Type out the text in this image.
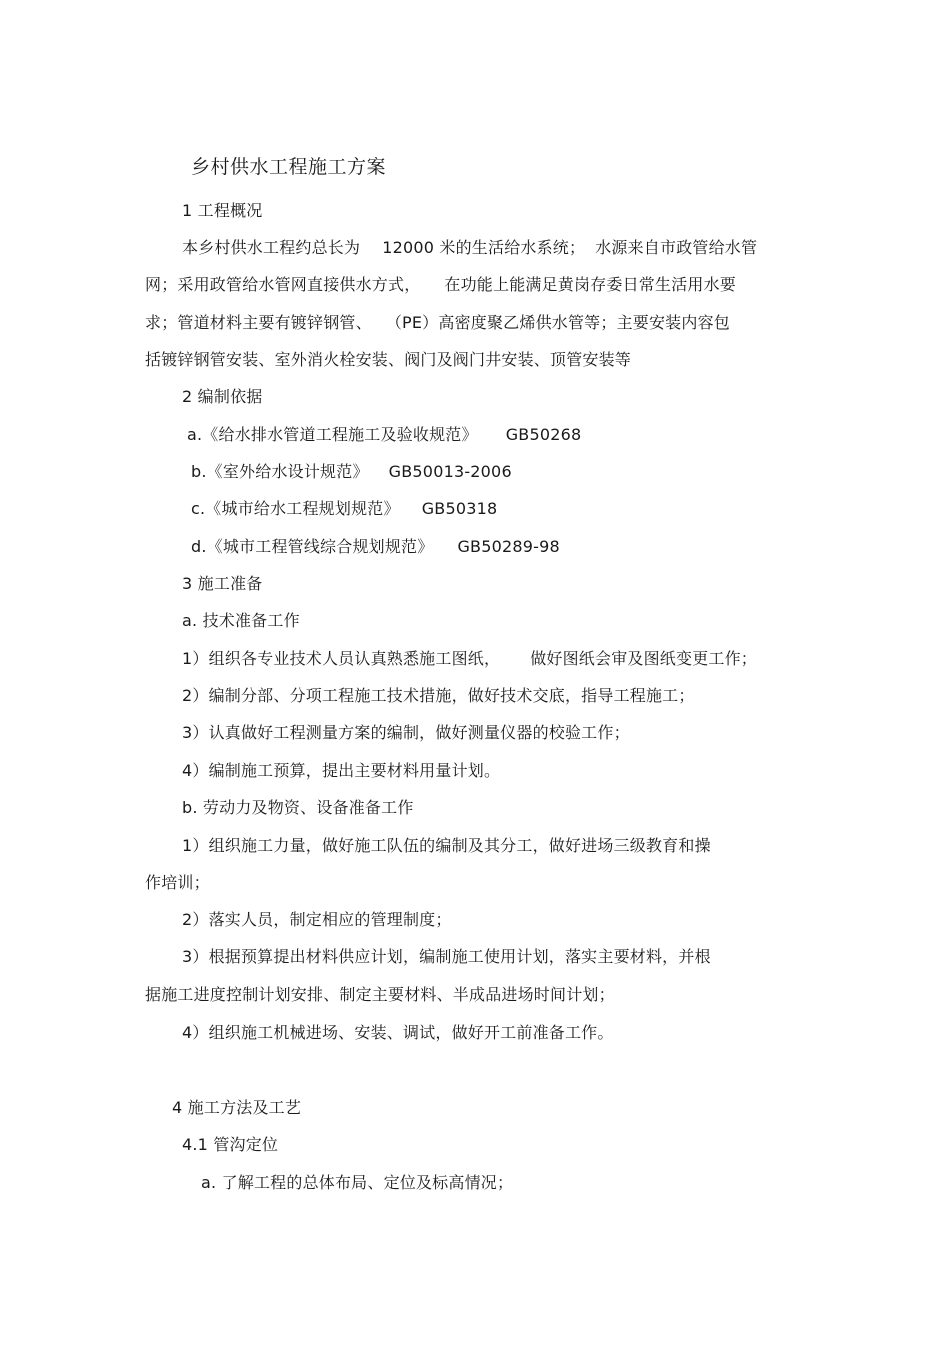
乡村供水工程施工方案
1 工程概况
本乡村供水工程约总长为 12000 米的生活给水系统； 水源来自市政管给水管
网；采用政管给水管网直接供水方式， 在功能上能满足黄岗存委日常生活用水要
求；管道材料主要有镀锌钢管、 （PE）高密度聚乙烯供水管等；主要安装内容包
括镀锌钢管安装、室外消火栓安装、阀门及阀门井安装、顶管安装等
2 编制依据
a.《给水排水管道工程施工及验收规范》 GB50268
b.《室外给水设计规范》 GB50013-2006
c.《城市给水工程规划规范》 GB50318
d.《城市工程管线综合规划规范》 GB50289-98
3 施工准备
a. 技术准备工作
1）组织各专业技术人员认真熟悉施工图纸， 做好图纸会审及图纸变更工作；
2）编制分部、分项工程施工技术措施，做好技术交底，指导工程施工；
3）认真做好工程测量方案的编制，做好测量仪器的校验工作；
4）编制施工预算，提出主要材料用量计划。
b. 劳动力及物资、设备准备工作
1）组织施工力量，做好施工队伍的编制及其分工，做好进场三级教育和操
作培训；
2）落实人员，制定相应的管理制度；
3）根据预算提出材料供应计划，编制施工使用计划，落实主要材料，并根
据施工进度控制计划安排、制定主要材料、半成品进场时间计划；
4）组织施工机械进场、安装、调试，做好开工前准备工作。
4 施工方法及工艺
4.1 管沟定位
a. 了解工程的总体布局、定位及标高情况；
